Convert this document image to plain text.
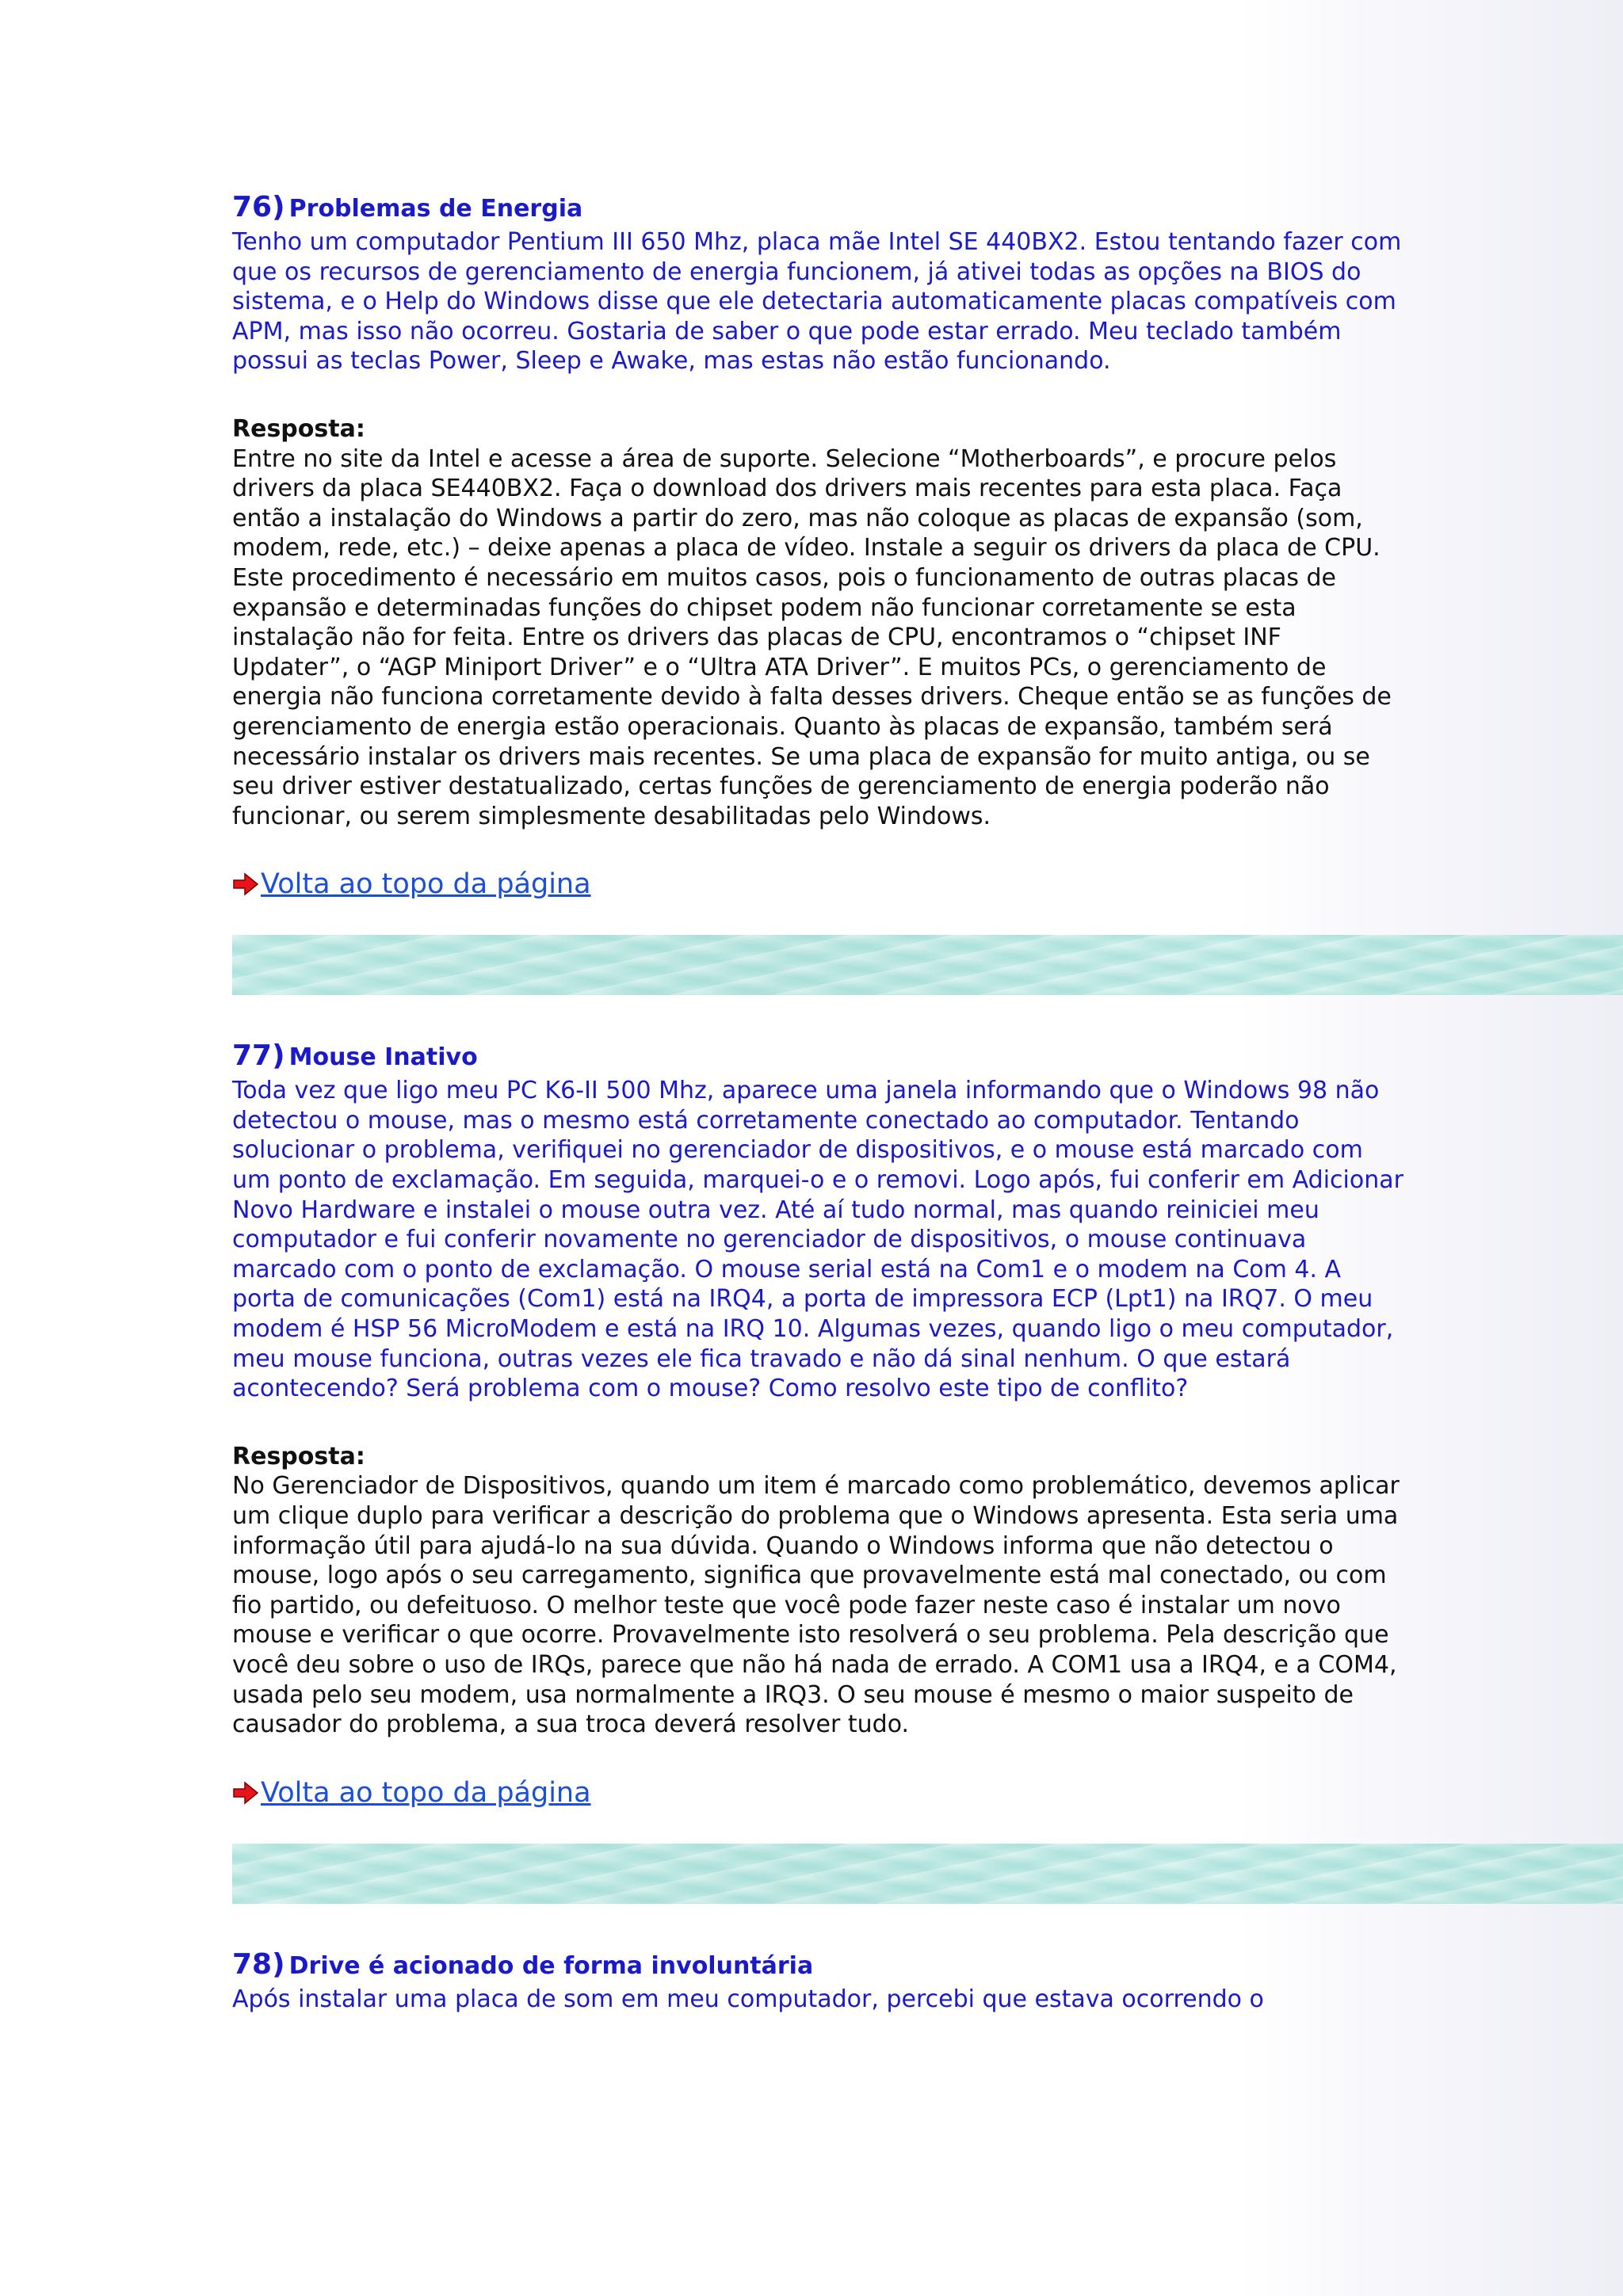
76) Problemas de Energia

Tenho um computador Pentium III 650 Mhz, placa mãe Intel SE 440BX2. Estou tentando fazer com que os recursos de gerenciamento de energia funcionem, já ativei todas as opções na BIOS do sistema, e o Help do Windows disse que ele detectaria automaticamente placas compatíveis com APM, mas isso não ocorreu. Gostaria de saber o que pode estar errado. Meu teclado também possui as teclas Power, Sleep e Awake, mas estas não estão funcionando.

Resposta:

Entre no site da Intel e acesse a área de suporte. Selecione “Motherboards”, e procure pelos drivers da placa SE440BX2. Faça o download dos drivers mais recentes para esta placa. Faça então a instalação do Windows a partir do zero, mas não coloque as placas de expansão (som, modem, rede, etc.) – deixe apenas a placa de vídeo. Instale a seguir os drivers da placa de CPU. Este procedimento é necessário em muitos casos, pois o funcionamento de outras placas de expansão e determinadas funções do chipset podem não funcionar corretamente se esta instalação não for feita. Entre os drivers das placas de CPU, encontramos o “chipset INF Updater”, o “AGP Miniport Driver” e o “Ultra ATA Driver”. E muitos PCs, o gerenciamento de energia não funciona corretamente devido à falta desses drivers. Cheque então se as funções de gerenciamento de energia estão operacionais. Quanto às placas de expansão, também será necessário instalar os drivers mais recentes. Se uma placa de expansão for muito antiga, ou se seu driver estiver destatualizado, certas funções de gerenciamento de energia poderão não funcionar, ou serem simplesmente desabilitadas pelo Windows.

Volta ao topo da página

77) Mouse Inativo

Toda vez que ligo meu PC K6-II 500 Mhz, aparece uma janela informando que o Windows 98 não detectou o mouse, mas o mesmo está corretamente conectado ao computador. Tentando solucionar o problema, verifiquei no gerenciador de dispositivos, e o mouse está marcado com um ponto de exclamação. Em seguida, marquei-o e o removi. Logo após, fui conferir em Adicionar Novo Hardware e instalei o mouse outra vez. Até aí tudo normal, mas quando reiniciei meu computador e fui conferir novamente no gerenciador de dispositivos, o mouse continuava marcado com o ponto de exclamação. O mouse serial está na Com1 e o modem na Com 4. A porta de comunicações (Com1) está na IRQ4, a porta de impressora ECP (Lpt1) na IRQ7. O meu modem é HSP 56 MicroModem e está na IRQ 10. Algumas vezes, quando ligo o meu computador, meu mouse funciona, outras vezes ele fica travado e não dá sinal nenhum. O que estará acontecendo? Será problema com o mouse? Como resolvo este tipo de conflito?

Resposta:

No Gerenciador de Dispositivos, quando um item é marcado como problemático, devemos aplicar um clique duplo para verificar a descrição do problema que o Windows apresenta. Esta seria uma informação útil para ajudá-lo na sua dúvida. Quando o Windows informa que não detectou o mouse, logo após o seu carregamento, significa que provavelmente está mal conectado, ou com fio partido, ou defeituoso. O melhor teste que você pode fazer neste caso é instalar um novo mouse e verificar o que ocorre. Provavelmente isto resolverá o seu problema. Pela descrição que você deu sobre o uso de IRQs, parece que não há nada de errado. A COM1 usa a IRQ4, e a COM4, usada pelo seu modem, usa normalmente a IRQ3. O seu mouse é mesmo o maior suspeito de causador do problema, a sua troca deverá resolver tudo.

Volta ao topo da página

78) Drive é acionado de forma involuntária

Após instalar uma placa de som em meu computador, percebi que estava ocorrendo o
